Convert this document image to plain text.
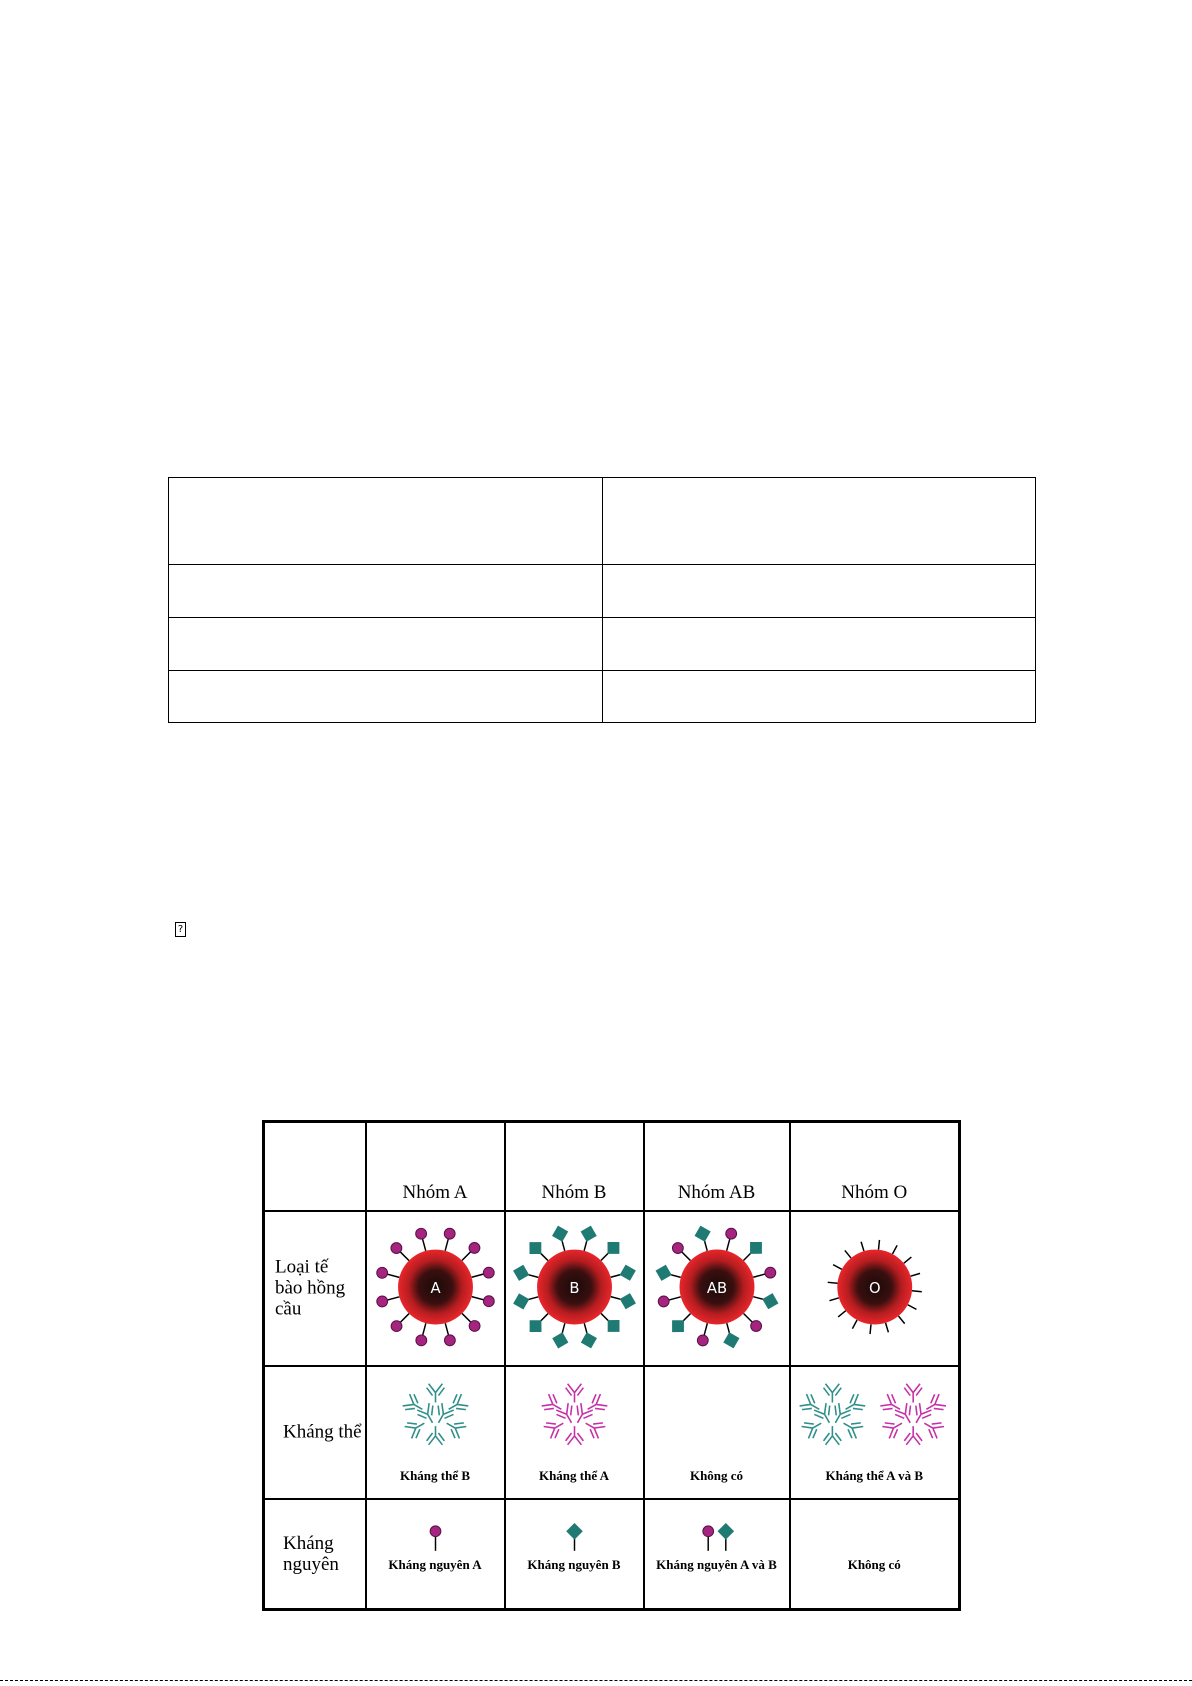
?

	Nhóm A	Nhóm B	Nhóm AB	Nhóm O

Loại tế bào hồng cầu	A	B	AB	O

Kháng thể	Kháng thể B	Kháng thể A	Không có	Kháng thể A và B

Kháng nguyên	Kháng nguyên A	Kháng nguyên B	Kháng nguyên A và B	Không có
